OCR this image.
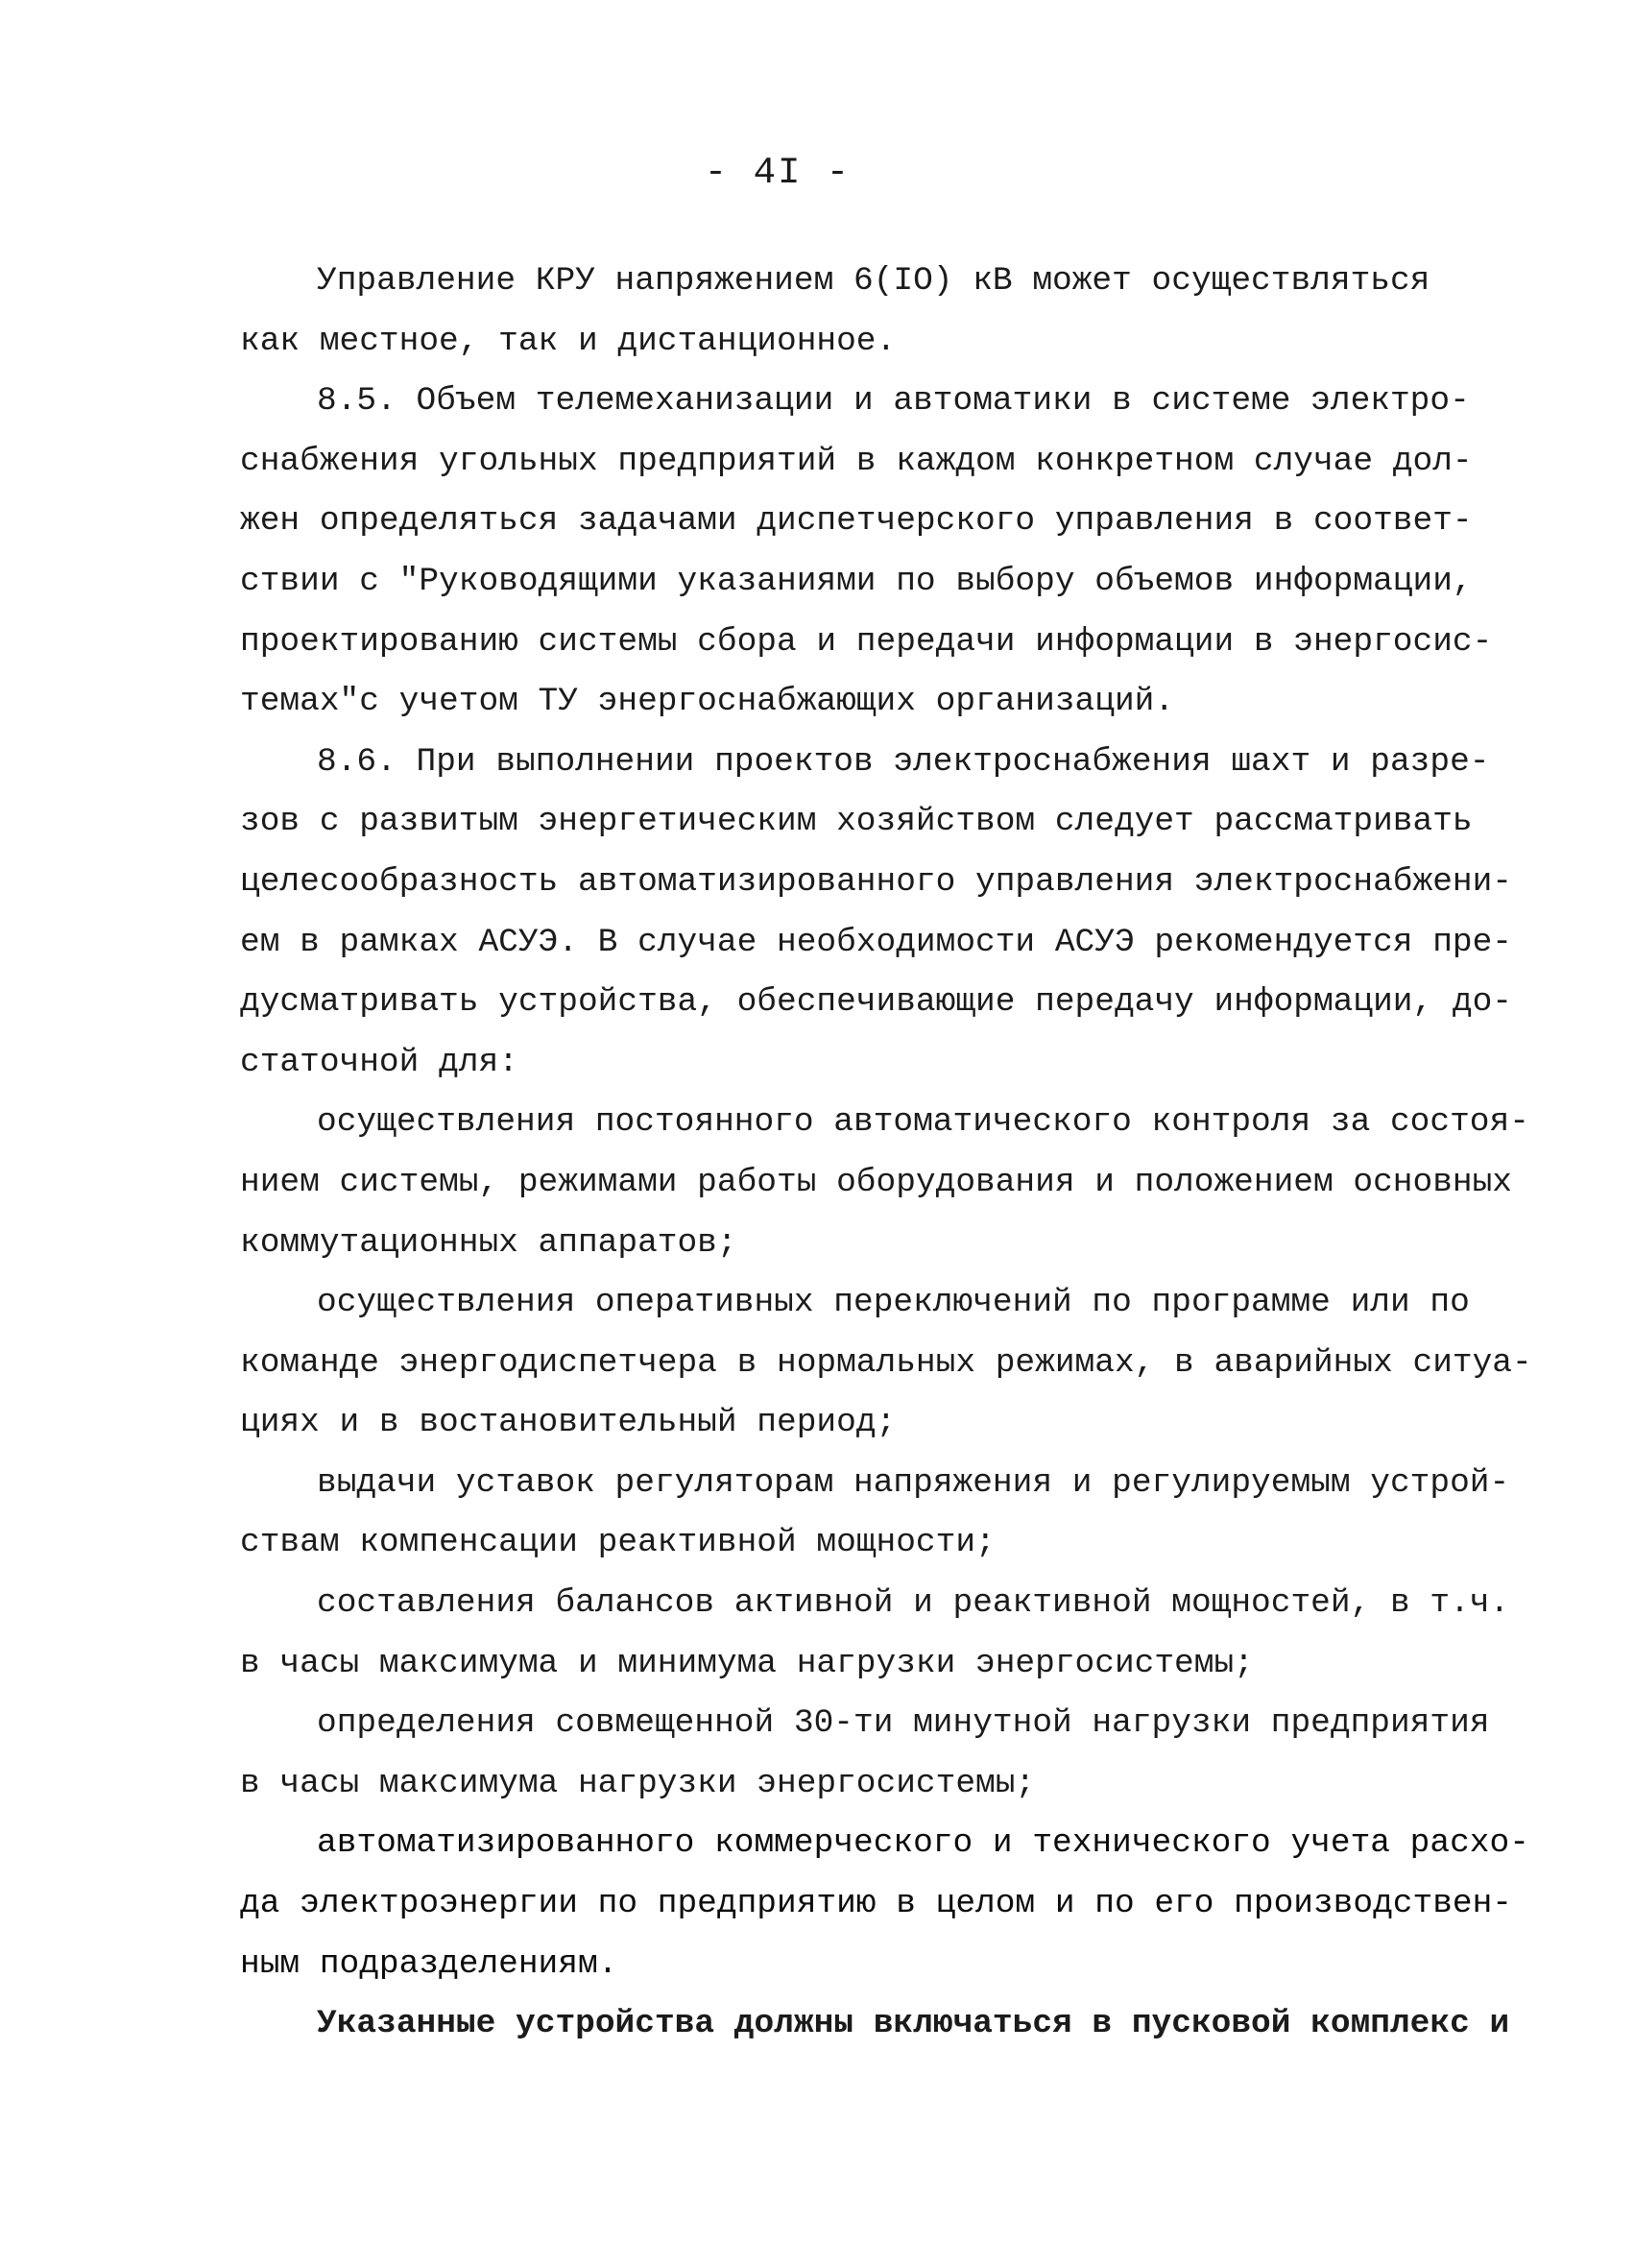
- 4I -
Управление КРУ напряжением 6(IO) кВ может осуществляться
как местное, так и дистанционное.
8.5. Объем телемеханизации и автоматики в системе электро-
снабжения угольных предприятий в каждом конкретном случае дол-
жен определяться задачами диспетчерского управления в соответ-
ствии с "Руководящими указаниями по выбору объемов информации,
проектированию системы сбора и передачи информации в энергосис-
темах"с учетом ТУ энергоснабжающих организаций.
8.6. При выполнении проектов электроснабжения шахт и разре-
зов с развитым энергетическим хозяйством следует рассматривать
целесообразность автоматизированного управления электроснабжени-
ем в рамках АСУЭ. В случае необходимости АСУЭ рекомендуется пре-
дусматривать устройства, обеспечивающие передачу информации, до-
статочной для:
осуществления постоянного автоматического контроля за состоя-
нием системы, режимами работы оборудования и положением основных
коммутационных аппаратов;
осуществления оперативных переключений по программе или по
команде энергодиспетчера в нормальных режимах, в аварийных ситуа-
циях и в востановительный период;
выдачи уставок регуляторам напряжения и регулируемым устрой-
ствам компенсации реактивной мощности;
составления балансов активной и реактивной мощностей, в т.ч.
в часы максимума и минимума нагрузки энергосистемы;
определения совмещенной 30-ти минутной нагрузки предприятия
в часы максимума нагрузки энергосистемы;
автоматизированного коммерческого и технического учета расхо-
да электроэнергии по предприятию в целом и по его производствен-
ным подразделениям.
Указанные устройства должны включаться в пусковой комплекс и
